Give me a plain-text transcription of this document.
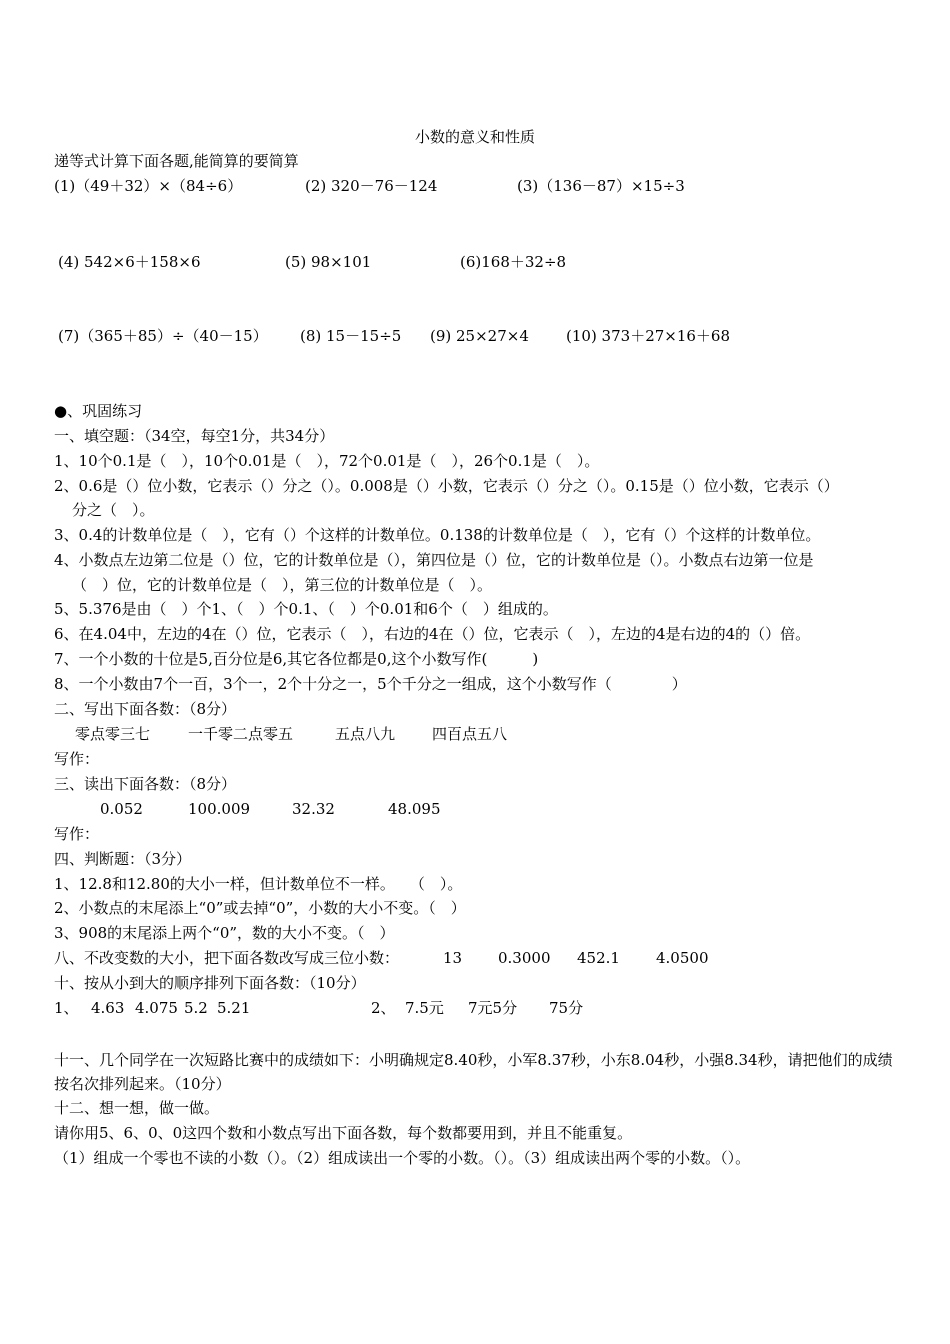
小数的意义和性质
递等式计算下面各题,能简算的要简算
(1)（49＋32）×（84÷6）	(2) 320－76－124	(3)（136－87）×15÷3
(4) 542×6＋158×6	(5) 98×101	(6)168＋32÷8
(7)（365＋85）÷（40－15） (8) 15－15÷5 (9) 25×27×4 (10) 373＋27×16＋68
●、巩固练习
一、填空题：（34空，每空1分，共34分）
1、10个0.1是（　），10个0.01是（　），72个0.01是（　），26个0.1是（　）。
2、0.6是（）位小数，它表示（）分之（）。0.008是（）小数，它表示（）分之（）。0.15是（）位小数，它表示（）
分之（　）。
3、0.4的计数单位是（　），它有（）个这样的计数单位。0.138的计数单位是（　），它有（）个这样的计数单位。
4、小数点左边第二位是（）位，它的计数单位是（），第四位是（）位，它的计数单位是（）。小数点右边第一位是
（　）位，它的计数单位是（　），第三位的计数单位是（　）。
5、5.376是由（　）个1、（　）个0.1、（　）个0.01和6个（　）组成的。
6、在4.04中，左边的4在（）位，它表示（　），右边的4在（）位，它表示（　），左边的4是右边的4的（）倍。
7、一个小数的十位是5,百分位是6,其它各位都是0,这个小数写作(　　　)
8、一个小数由7个一百，3个一，2个十分之一，5个千分之一组成，这个小数写作（　　　　）
二、写出下面各数：（8分）
零点零三七	一千零二点零五	五点八九 四百点五八
写作：
三、读出下面各数：（8分）
0.052	100.009	32.32	48.095
写作：
四、判断题：（3分）
1、12.8和12.80的大小一样，但计数单位不一样。　　（　）。
2、小数点的末尾添上“0”或去掉“0”，小数的大小不变。（　）
3、908的末尾添上两个“0”，数的大小不变。（　）
八、不改变数的大小，把下面各数改写成三位小数：	13 0.3000 452.1 4.0500
十、按从小到大的顺序排列下面各数：（10分）
1、 4.63 4.075 5.2 5.21	2、 7.5元 7元5分 75分
十一、几个同学在一次短路比赛中的成绩如下：小明确规定8.40秒，小军8.37秒，小东8.04秒，小强8.34秒，请把他们的成绩按名次排列起来。（10分）
十二、想一想，做一做。
请你用5、6、0、0这四个数和小数点写出下面各数，每个数都要用到，并且不能重复。
（1）组成一个零也不读的小数（）。（2）组成读出一个零的小数。（）。（3）组成读出两个零的小数。（）。
